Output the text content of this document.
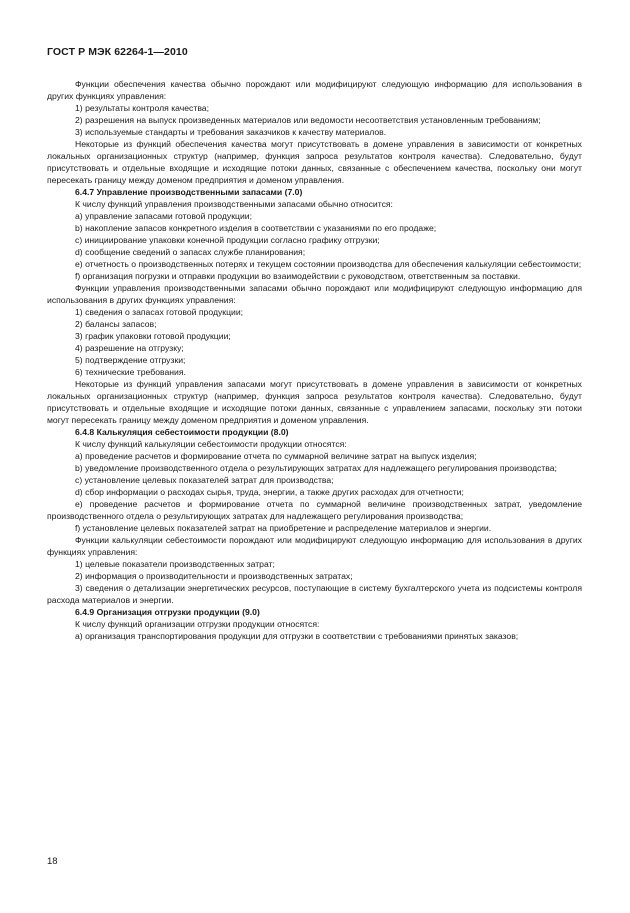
ГОСТ Р МЭК 62264-1—2010

Функции обеспечения качества обычно порождают или модифицируют следующую информацию для использования в других функциях управления:

1) результаты контроля качества;

2) разрешения на выпуск произведенных материалов или ведомости несоответствия установленным требованиям;

3) используемые стандарты и требования заказчиков к качеству материалов.

Некоторые из функций обеспечения качества могут присутствовать в домене управления в зависимости от конкретных локальных организационных структур (например, функция запроса результатов контроля качества). Следовательно, будут присутствовать и отдельные входящие и исходящие потоки данных, связанные с обеспечением качества, поскольку они могут пересекать границу между доменом предприятия и доменом управления.

6.4.7 Управление производственными запасами (7.0)

К числу функций управления производственными запасами обычно относится:

а) управление запасами готовой продукции;

b) накопление запасов конкретного изделия в соответствии с указаниями по его продаже;

c) инициирование упаковки конечной продукции согласно графику отгрузки;

d) сообщение сведений о запасах службе планирования;

е) отчетность о производственных потерях и текущем состоянии производства для обеспечения калькуляции себестоимости;

f) организация погрузки и отправки продукции во взаимодействии с руководством, ответственным за поставки.

Функции управления производственными запасами обычно порождают или модифицируют следующую информацию для использования в других функциях управления:

1) сведения о запасах готовой продукции;

2) балансы запасов;

3) график упаковки готовой продукции;

4) разрешение на отгрузку;

5) подтверждение отгрузки;

6) технические требования.

Некоторые из функций управления запасами могут присутствовать в домене управления в зависимости от конкретных локальных организационных структур (например, функция запроса результатов контроля качества). Следовательно, будут присутствовать и отдельные входящие и исходящие потоки данных, связанные с управлением запасами, поскольку эти потоки могут пересекать границу между доменом предприятия и доменом управления.

6.4.8 Калькуляция себестоимости продукции (8.0)

К числу функций калькуляции себестоимости продукции относятся:

а) проведение расчетов и формирование отчета по суммарной величине затрат на выпуск изделия;

b) уведомление производственного отдела о результирующих затратах для надлежащего регулирования производства;

c) установление целевых показателей затрат для производства;

d) сбор информации о расходах сырья, труда, энергии, а также других расходах для отчетности;

е) проведение расчетов и формирование отчета по суммарной величине производственных затрат, уведомление производственного отдела о результирующих затратах для надлежащего регулирования производства;

f) установление целевых показателей затрат на приобретение и распределение материалов и энергии.

Функции калькуляции себестоимости порождают или модифицируют следующую информацию для использования в других функциях управления:

1) целевые показатели производственных затрат;

2) информация о производительности и производственных затратах;

3) сведения о детализации энергетических ресурсов, поступающие в систему бухгалтерского учета из подсистемы контроля расхода материалов и энергии.

6.4.9 Организация отгрузки продукции (9.0)

К числу функций организации отгрузки продукции относятся:

а) организация транспортирования продукции для отгрузки в соответствии с требованиями принятых заказов;

18
